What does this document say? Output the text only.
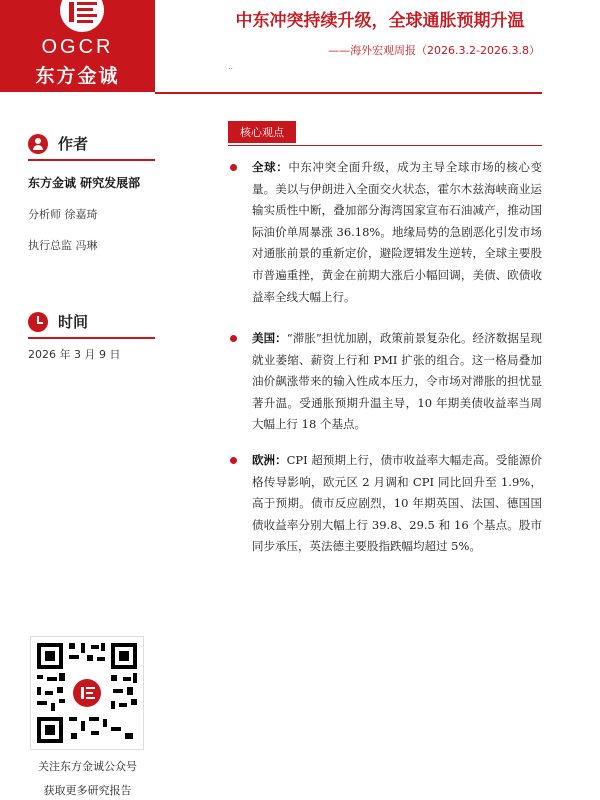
OGCR
东方金诚
中东冲突持续升级，全球通胀预期升温
——海外宏观周报（2026.3.2-2026.3.8）
..
作者
东方金诚 研究发展部
分析师 徐嘉琦
执行总监 冯琳
时间
2026 年 3 月 9 日
关注东方金诚公众号
获取更多研究报告
核心观点
全球：中东冲突全面升级，成为主导全球市场的核心变量。美以与伊朗进入全面交火状态，霍尔木兹海峡商业运输实质性中断，叠加部分海湾国家宣布石油减产，推动国际油价单周暴涨 36.18%。地缘局势的急剧恶化引发市场对通胀前景的重新定价，避险逻辑发生逆转，全球主要股市普遍重挫，黄金在前期大涨后小幅回调，美债、欧债收益率全线大幅上行。
美国：“滞胀”担忧加剧，政策前景复杂化。经济数据呈现就业萎缩、薪资上行和 PMI 扩张的组合。这一格局叠加油价飙涨带来的输入性成本压力，令市场对滞胀的担忧显著升温。受通胀预期升温主导，10 年期美债收益率当周大幅上行 18 个基点。
欧洲：CPI 超预期上行，债市收益率大幅走高。受能源价格传导影响，欧元区 2 月调和 CPI 同比回升至 1.9%，高于预期。债市反应剧烈，10 年期英国、法国、德国国债收益率分别大幅上行 39.8、29.5 和 16 个基点。股市同步承压，英法德主要股指跌幅均超过 5%。
